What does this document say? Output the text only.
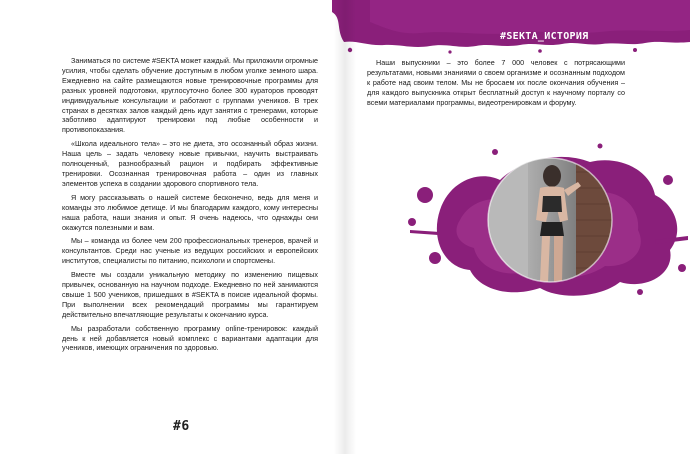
#SEKTA_ИСТОРИЯ

Заниматься по системе #SEKTA может каждый. Мы приложили огромные усилия, чтобы сделать обучение доступным в любом уголке земного шара. Ежедневно на сайте размещаются новые тренировочные программы для разных уровней подготовки, круглосуточно более 300 кураторов проводят индивидуальные консультации и работают с группами учеников. В трех странах в десятках залов каждый день идут занятия с тренерами, которые заботливо адаптируют тренировки под любые особенности и противопоказания.

«Школа идеального тела» – это не диета, это осознанный образ жизни. Наша цель – задать человеку новые привычки, научить выстраивать полноценный, разнообразный рацион и подбирать эффективные тренировки. Осознанная тренировочная работа – один из главных элементов успеха в создании здорового спортивного тела.

Я могу рассказывать о нашей системе бесконечно, ведь для меня и команды это любимое детище. И мы благодарим каждого, кому интересны наша работа, наши знания и опыт. Я очень надеюсь, что однажды они окажутся полезными и вам.

Мы – команда из более чем 200 профессиональных тренеров, врачей и консультантов. Среди нас ученые из ведущих российских и европейских институтов, специалисты по питанию, психологи и спортсмены.

Вместе мы создали уникальную методику по изменению пищевых привычек, основанную на научном подходе. Ежедневно по ней занимаются свыше 1 500 учеников, пришедших в #SEKTA в поиске идеальной формы. При выполнении всех рекомендаций программы мы гарантируем действительно впечатляющие результаты к окончанию курса.

Мы разработали собственную программу online-тренировок: каждый день к ней добавляется новый комплекс с вариантами адаптации для учеников, имеющих ограничения по здоровью.

#6

Наши выпускники – это более 7 000 человек с потрясающими результатами, новыми знаниями о своем организме и осознанным подходом к работе над своим телом. Мы не бросаем их после окончания обучения – для каждого выпускника открыт бесплатный доступ к научному порталу со всеми материалами программы, видеотренировкам и форуму.
